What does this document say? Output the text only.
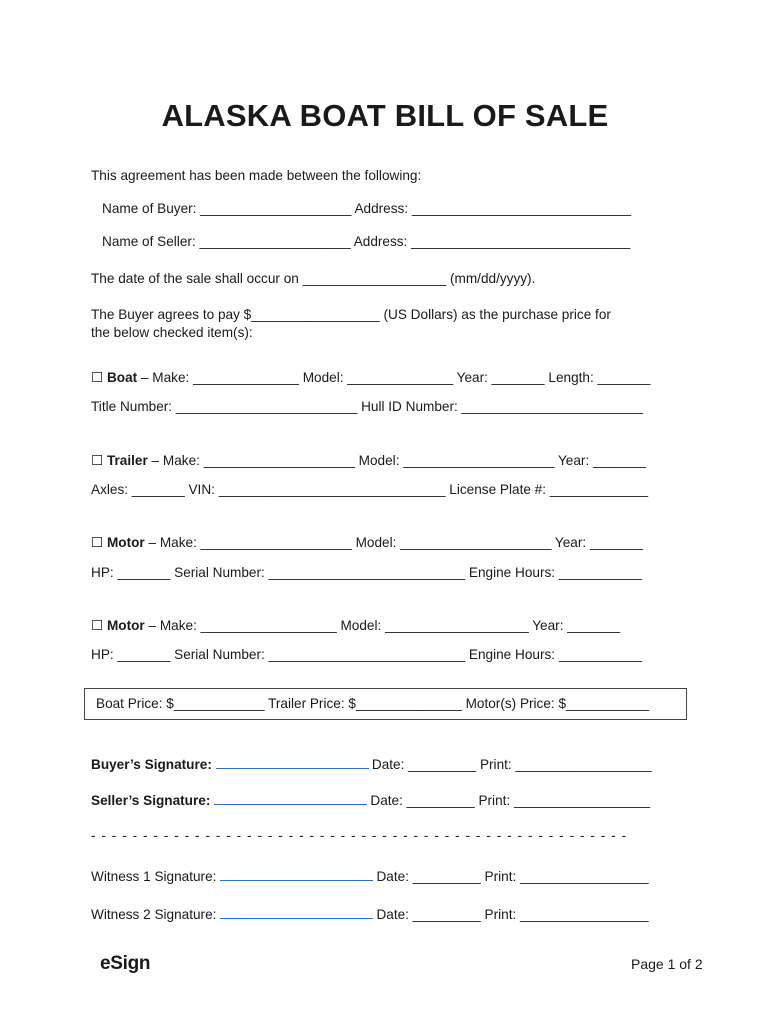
ALASKA BOAT BILL OF SALE
This agreement has been made between the following:
Name of Buyer: ____________________ Address: _____________________________
Name of Seller: ____________________ Address: _____________________________
The date of the sale shall occur on ___________________ (mm/dd/yyyy).
The Buyer agrees to pay $_________________ (US Dollars) as the purchase price for
the below checked item(s):
☐ Boat – Make: ______________ Model: ______________ Year: _______ Length: _______
Title Number: ________________________ Hull ID Number: ________________________
☐ Trailer – Make: ____________________ Model: ____________________ Year: _______
Axles: _______ VIN: ______________________________ License Plate #: _____________
☐ Motor – Make: ____________________ Model: ____________________ Year: _______
HP: _______ Serial Number: __________________________ Engine Hours: ___________
☐ Motor – Make: __________________ Model: ___________________ Year: _______
HP: _______ Serial Number: __________________________ Engine Hours: ___________
Boat Price: $____________ Trailer Price: $______________ Motor(s) Price: $___________
Buyer’s Signature:	Date: _________ Print: __________________
Seller’s Signature:	Date: _________ Print: __________________
- - - - - - - - - - - - - - - - - - - - - - - - - - - - - - - - - - - - - - - - - - - - - - - - - - - -
Witness 1 Signature:	Date: _________ Print: _________________
Witness 2 Signature:	Date: _________ Print: _________________
eSign	Page 1 of 2
